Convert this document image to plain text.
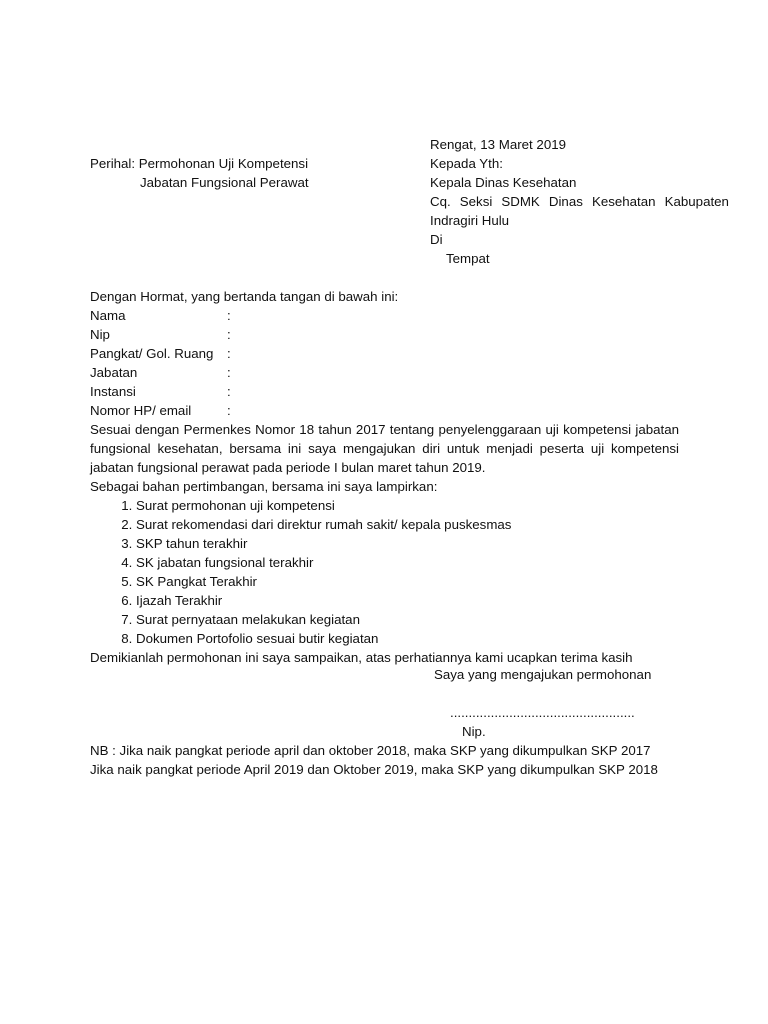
Rengat, 13 Maret 2019
Perihal: Permohonan Uji Kompetensi
Jabatan Fungsional Perawat
Kepada Yth:
Kepala Dinas Kesehatan
Cq. Seksi SDMK Dinas Kesehatan Kabupaten
Indragiri Hulu
Di
Tempat
Dengan Hormat, yang bertanda tangan di bawah ini:
Nama	:
Nip	:
Pangkat/ Gol. Ruang	:
Jabatan	:
Instansi	:
Nomor HP/ email	:
Sesuai dengan Permenkes Nomor 18 tahun 2017 tentang penyelenggaraan uji kompetensi jabatan fungsional kesehatan, bersama ini saya mengajukan diri untuk menjadi peserta uji kompetensi jabatan fungsional perawat pada periode I bulan maret tahun 2019.
Sebagai bahan pertimbangan, bersama ini saya lampirkan:
1. Surat permohonan uji kompetensi
2. Surat rekomendasi dari direktur rumah sakit/ kepala puskesmas
3. SKP tahun terakhir
4. SK jabatan fungsional terakhir
5. SK Pangkat Terakhir
6. Ijazah Terakhir
7. Surat pernyataan melakukan kegiatan
8. Dokumen Portofolio sesuai butir kegiatan
Demikianlah permohonan ini saya sampaikan, atas perhatiannya kami ucapkan terima kasih
Saya yang mengajukan permohonan
..................................................
Nip.
NB : Jika naik pangkat periode april dan oktober 2018, maka SKP yang dikumpulkan SKP 2017
Jika naik pangkat periode April 2019 dan Oktober 2019, maka SKP yang dikumpulkan SKP 2018
